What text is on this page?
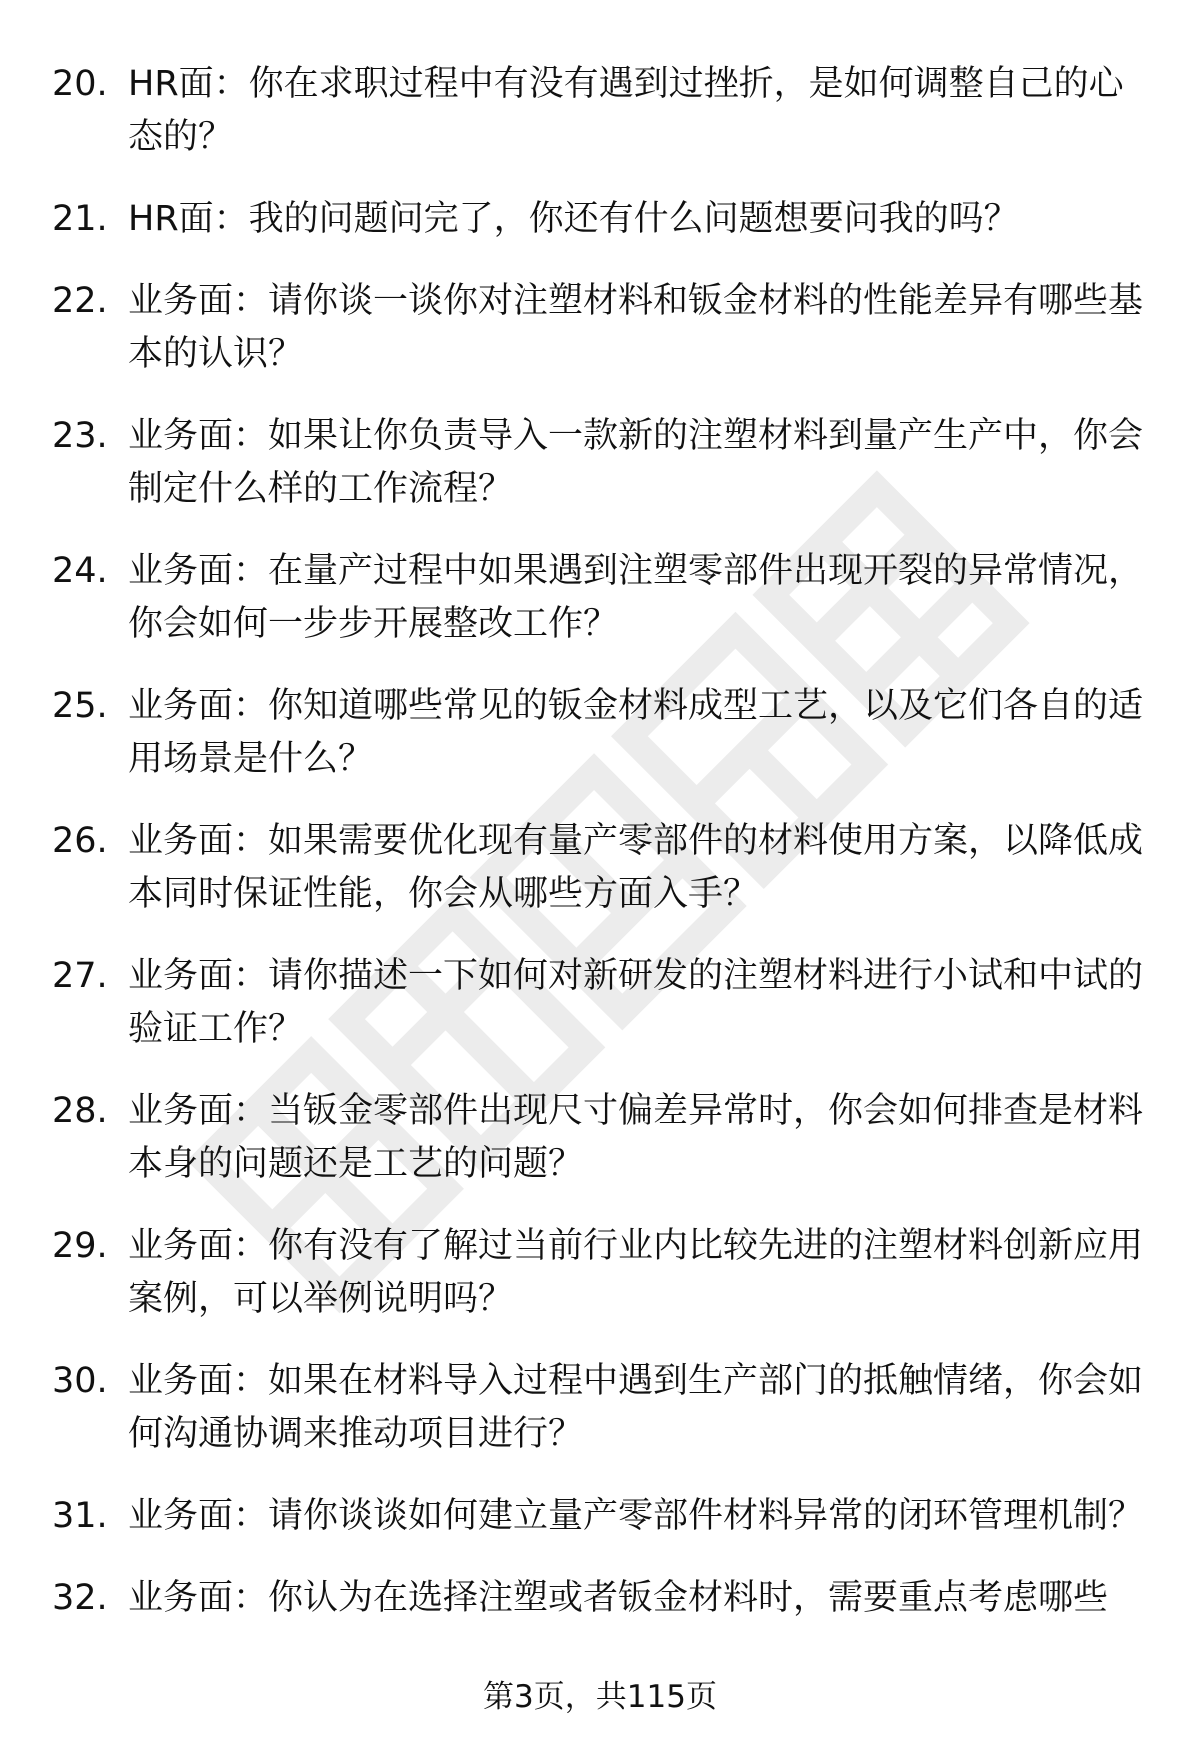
20. HR面：你在求职过程中有没有遇到过挫折，是如何调整自己的心态的？
21. HR面：我的问题问完了，你还有什么问题想要问我的吗？
22. 业务面：请你谈一谈你对注塑材料和钣金材料的性能差异有哪些基本的认识？
23. 业务面：如果让你负责导入一款新的注塑材料到量产生产中，你会制定什么样的工作流程？
24. 业务面：在量产过程中如果遇到注塑零部件出现开裂的异常情况，你会如何一步步开展整改工作？
25. 业务面：你知道哪些常见的钣金材料成型工艺，以及它们各自的适用场景是什么？
26. 业务面：如果需要优化现有量产零部件的材料使用方案，以降低成本同时保证性能，你会从哪些方面入手？
27. 业务面：请你描述一下如何对新研发的注塑材料进行小试和中试的验证工作？
28. 业务面：当钣金零部件出现尺寸偏差异常时，你会如何排查是材料本身的问题还是工艺的问题？
29. 业务面：你有没有了解过当前行业内比较先进的注塑材料创新应用案例，可以举例说明吗？
30. 业务面：如果在材料导入过程中遇到生产部门的抵触情绪，你会如何沟通协调来推动项目进行？
31. 业务面：请你谈谈如何建立量产零部件材料异常的闭环管理机制？
32. 业务面：你认为在选择注塑或者钣金材料时，需要重点考虑哪些
第3页，共115页
